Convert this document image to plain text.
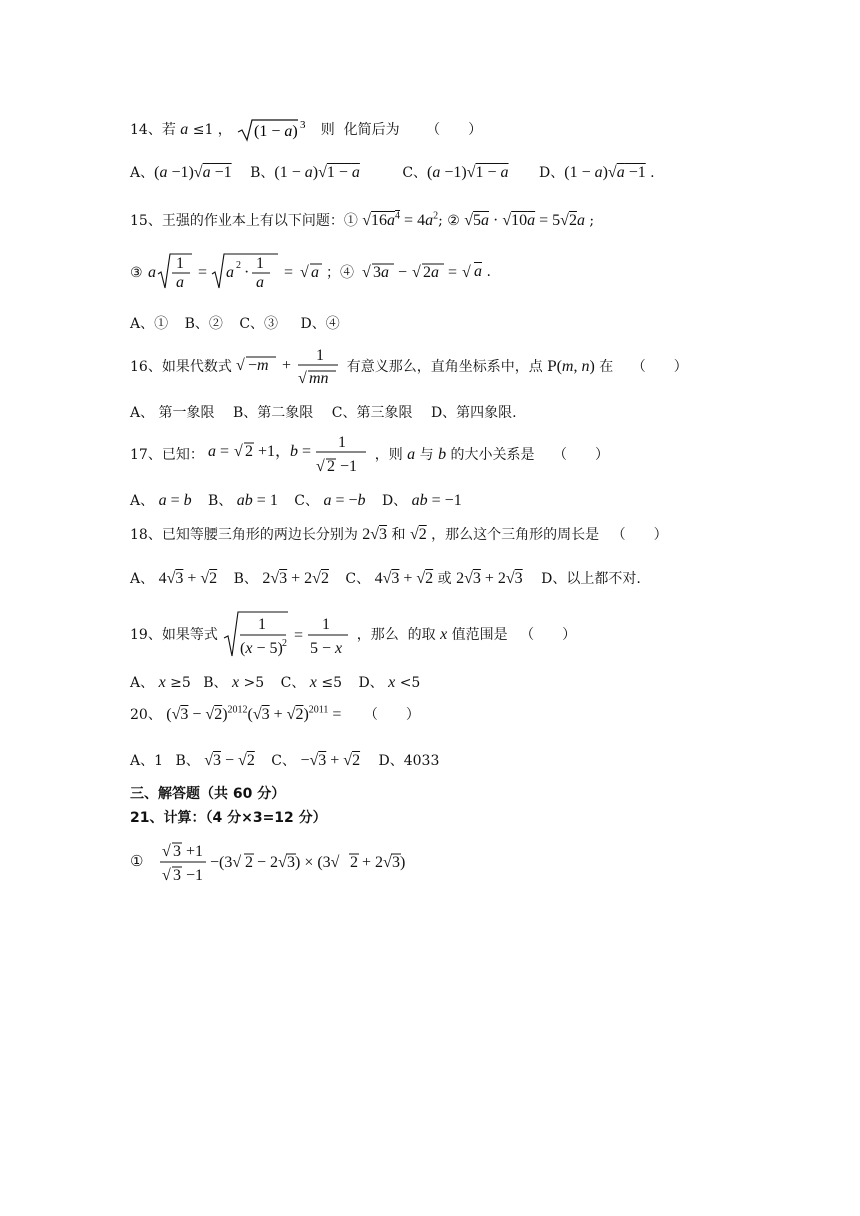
14、若 a ≤1 ， (1 − a) 3 则  化简后为 （　　）
A、(a −1)√a −1 B、(1 − a)√1 − a	C、(a −1)√1 − a D、(1 − a)√a −1 .
15、王强的作业本上有以下问题：① $√16a^4 = 4a^2$; ② √5a · √10a = 5√2a ;
③ a
1
a
= a 2 ·
1
a
= √ a ；④ √ 3a − √ 2a = √ a .
A、① B、② C、③ D、④
16、如果代数式 √ −m +
1
√ mn
有意义那么，直角坐标系中，点 P(m, n) 在 （　　）
A、 第一象限 B、第二象限 C、第三象限 D、第四象限.
17、已知： a = √ 2 +1，
b =
1
√ 2 −1
，则 a 与 b 的大小关系是 （　　）
A、 a = b B、 ab = 1 C、 a = −b D、 ab = −1
18、已知等腰三角形的两边长分别为 2√3 和 √2 ，那么这个三角形的周长是 （　　）
A、 4√3 + √2 B、 2√3 + 2√2 C、 4√3 + √2 或 2√3 + 2√3 D、以上都不对.
19、如果等式
1
(x − 5) 2 =
1
5 − x
，那么  的取 x 值范围是 （　　）
A、 x ≥5 B、 x >5 C、 x ≤5 D、 x <5
20、 $(√3 - √2)^{2012}(√3 + √2)^{2011}$ = （　　）
A、1 B、 √3 − √2 C、 −√3 + √2 D、4033
三、解答题（共 60 分）
21、计算：（4 分×3=12 分）
①
√ 3 +1
√ 3 −1
−(3√ 2 − 2√ 3) × (3√ 2 + 2√ 3)
